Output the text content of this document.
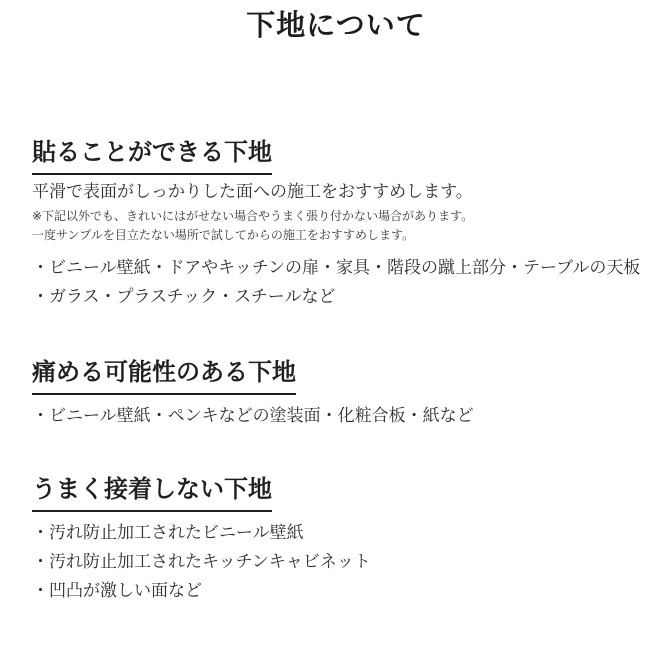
下地について
貼ることができる下地

平滑で表面がしっかりした面への施工をおすすめします。

※下記以外でも、きれいにはがせない場合やうまく張り付かない場合があります。
一度サンプルを目立たない場所で試してからの施工をおすすめします。
・ビニール壁紙・ドアやキッチンの扉・家具・階段の蹴上部分・テーブルの天板
・ガラス・プラスチック・スチールなど
痛める可能性のある下地
・ビニール壁紙・ペンキなどの塗装面・化粧合板・紙など
うまく接着しない下地
・汚れ防止加工されたビニール壁紙
・汚れ防止加工されたキッチンキャビネット
・凹凸が激しい面など
